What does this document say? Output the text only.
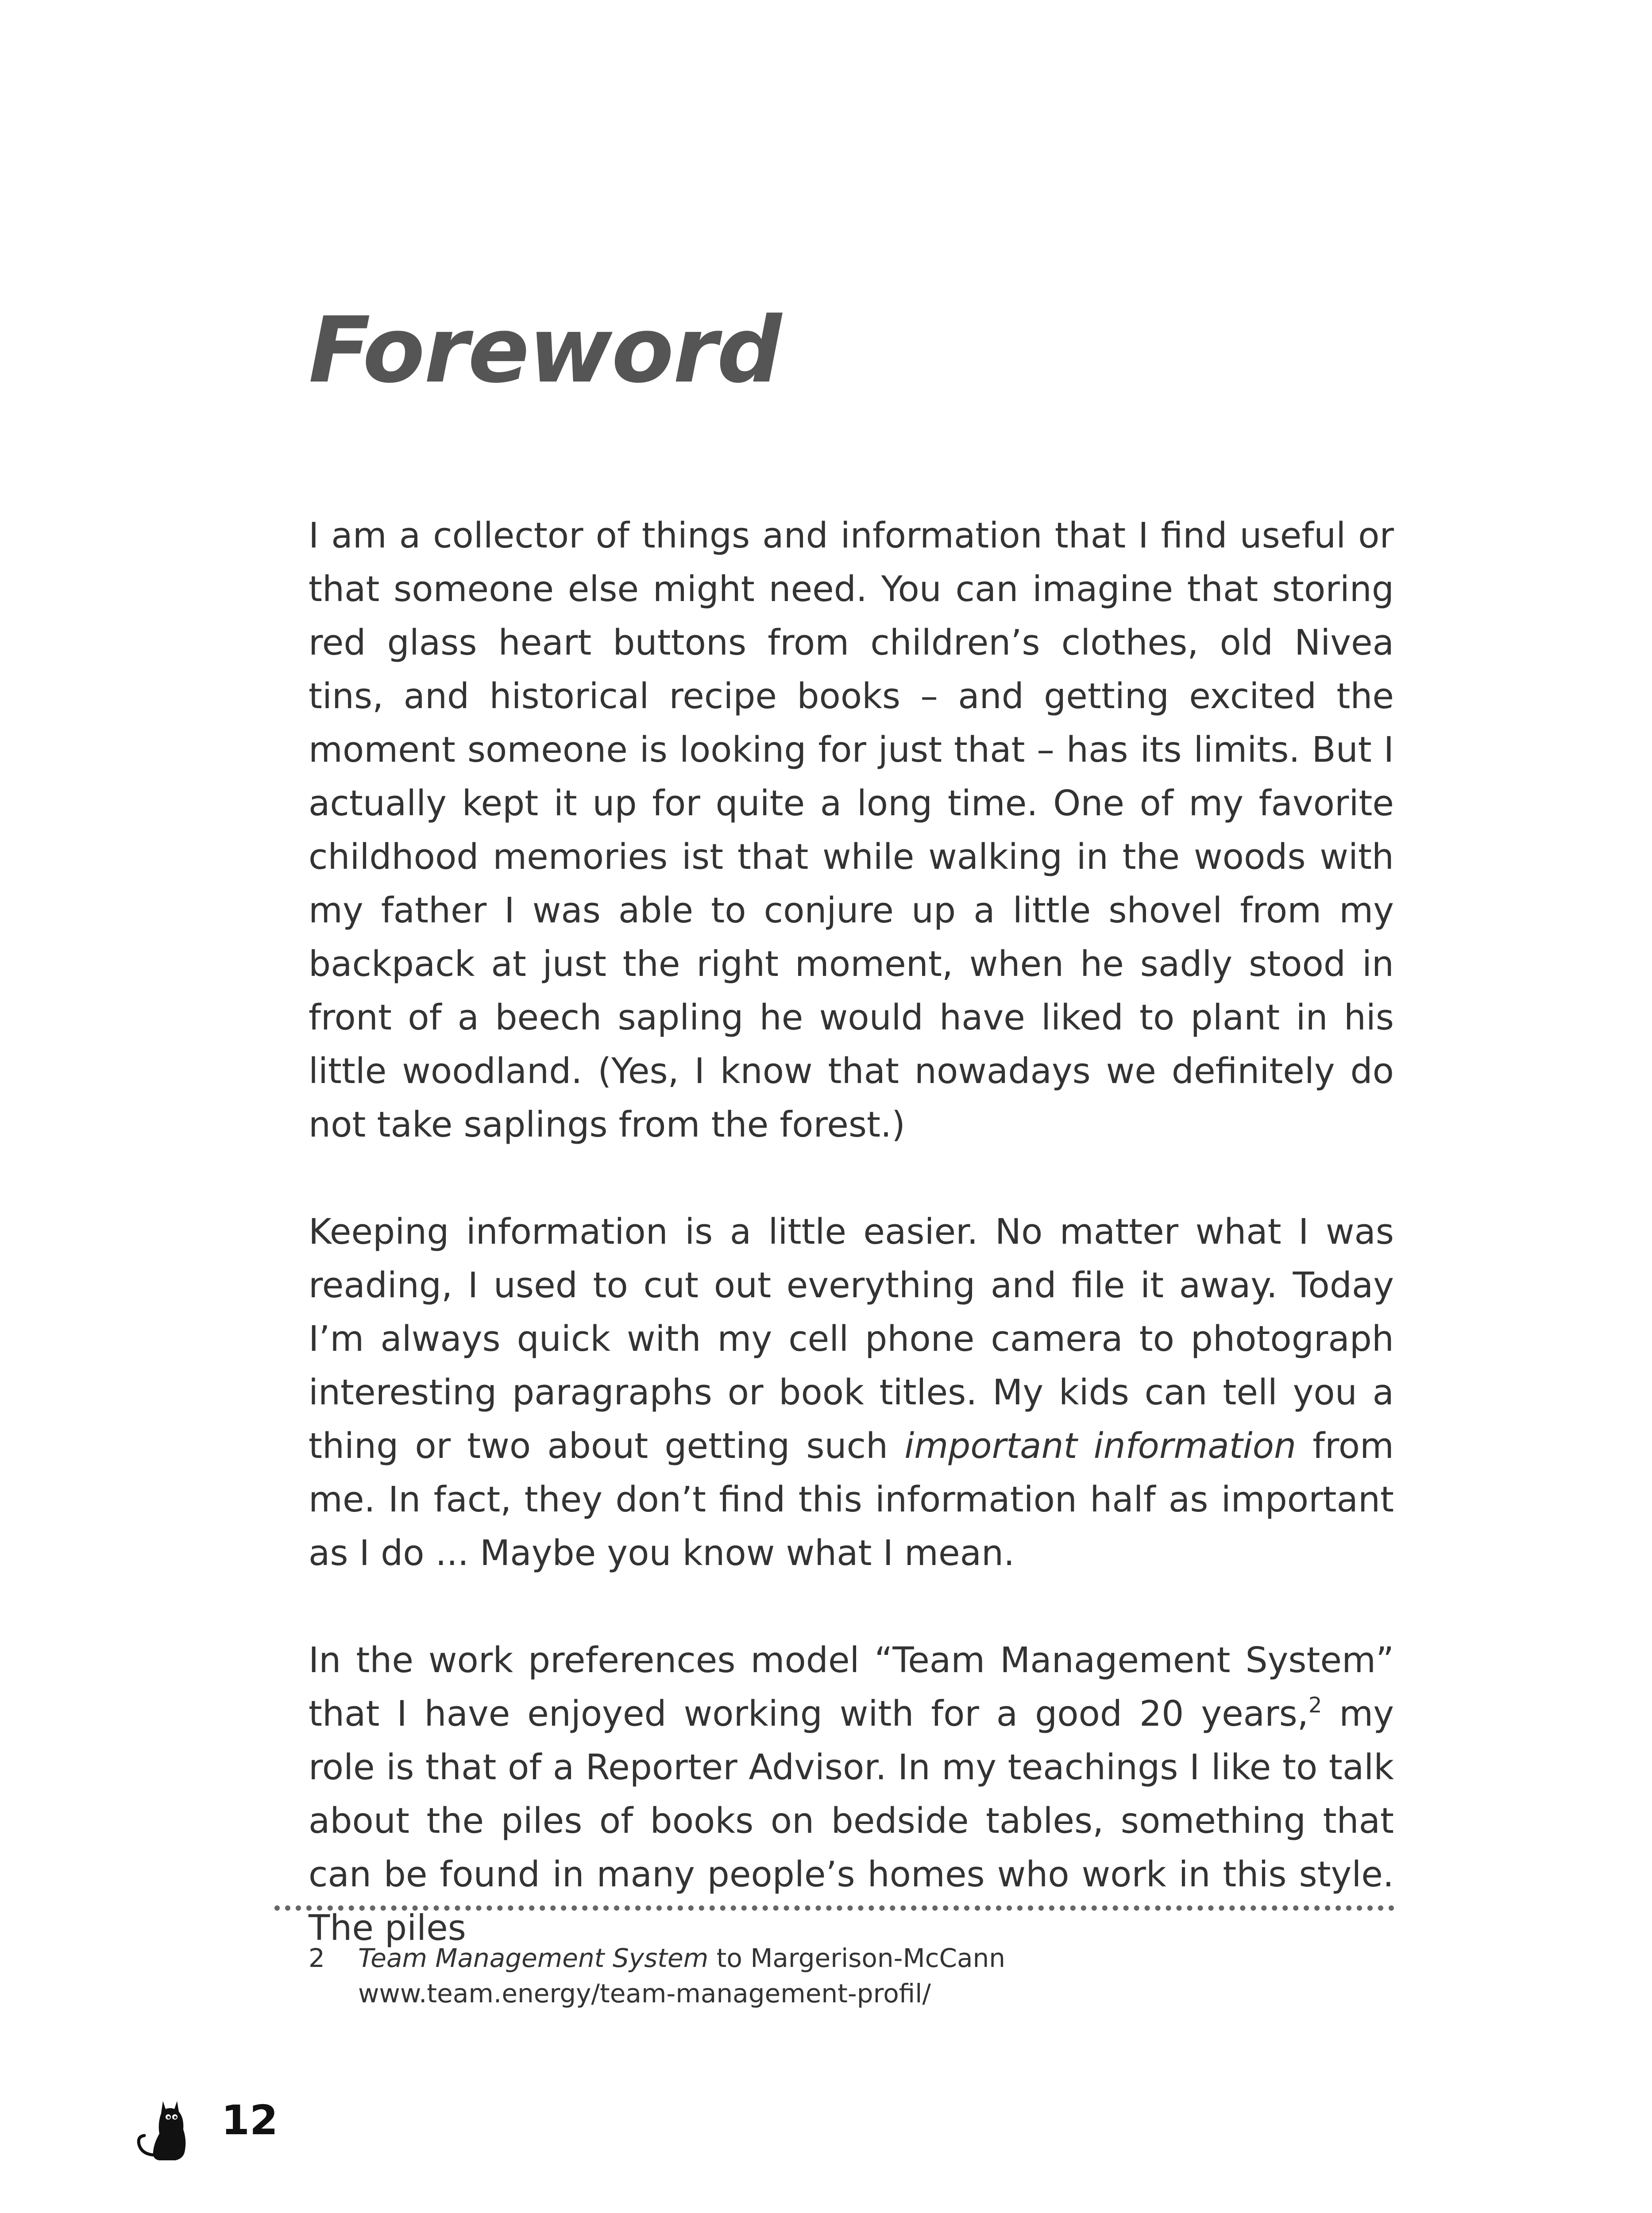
Foreword

I am a collector of things and information that I find useful or that someone else might need. You can imagine that storing red glass heart buttons from children’s clothes, old Nivea tins, and historical recipe books – and getting excited the moment someone is looking for just that – has its limits. But I actually kept it up for quite a long time. One of my favorite childhood memories ist that while walking in the woods with my father I was able to conjure up a little shovel from my backpack at just the right moment, when he sadly stood in front of a beech sapling he would have liked to plant in his little woodland. (Yes, I know that nowadays we definitely do not take saplings from the forest.)

Keeping information is a little easier. No matter what I was reading, I used to cut out everything and file it away. Today I’m always quick with my cell phone camera to photograph interesting paragraphs or book titles. My kids can tell you a thing or two about getting such important information from me. In fact, they don’t find this information half as important as I do ... Maybe you know what I mean.

In the work preferences model “Team Management System” that I have enjoyed working with for a good 20 years,$^2$ my role is that of a Reporter Advisor. In my teachings I like to talk about the piles of books on bedside tables, something that can be found in many people’s homes who work in this style. The piles

2 Team Management System to Margerison-McCann
www.team.energy/team-management-profil/
12
